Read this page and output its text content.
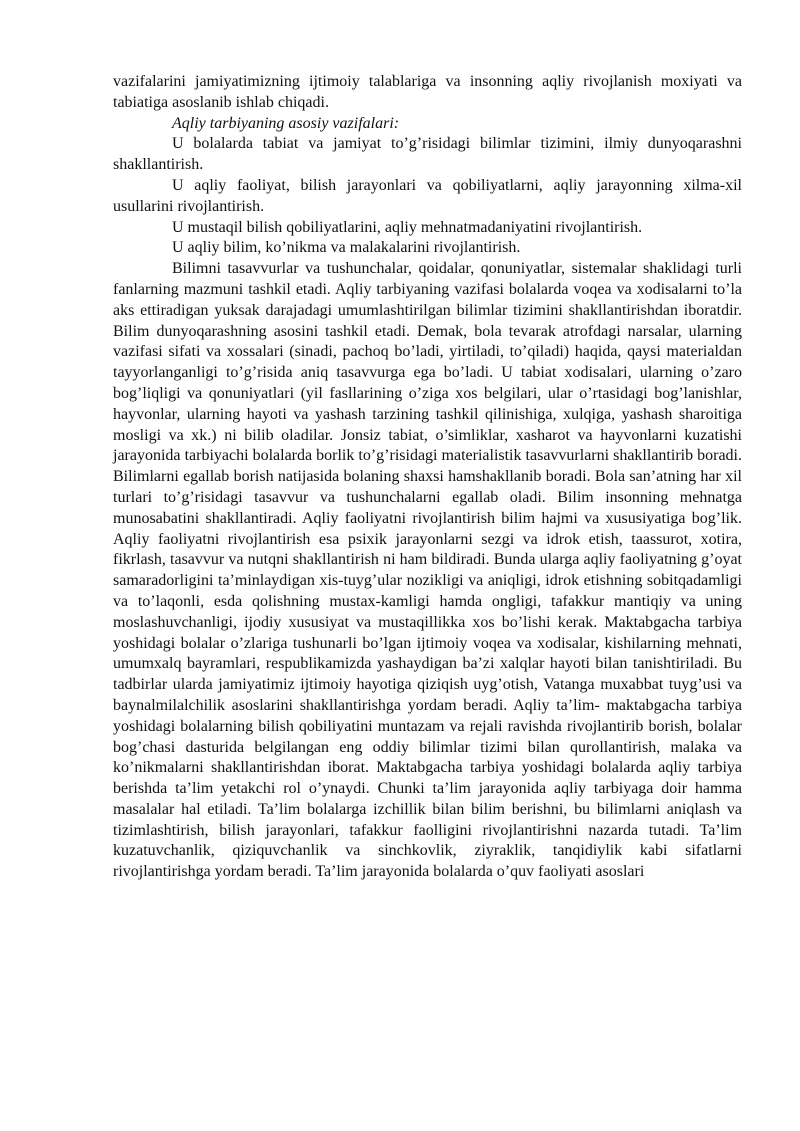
vazifalarini jamiyatimizning ijtimoiy talablariga va insonning aqliy rivojlanish moxiyati va tabiatiga asoslanib ishlab chiqadi.

Aqliy tarbiyaning asosiy vazifalari:

U bolalarda tabiat va jamiyat to’g’risidagi bilimlar tizimini, ilmiy dunyoqarashni shakllantirish.

U aqliy faoliyat, bilish jarayonlari va qobiliyatlarni, aqliy jarayonning xilma-xil usullarini rivojlantirish.

U mustaqil bilish qobiliyatlarini, aqliy mehnatmadaniyatini rivojlantirish.

U aqliy bilim, ko’nikma va malakalarini rivojlantirish.

Bilimni tasavvurlar va tushunchalar, qoidalar, qonuniyatlar, sistemalar shaklidagi turli fanlarning mazmuni tashkil etadi. Aqliy tarbiyaning vazifasi bolalarda voqea va xodisalarni to’la aks ettiradigan yuksak darajadagi umumlashtirilgan bilimlar tizimini shakllantirishdan iboratdir. Bilim dunyoqarashning asosini tashkil etadi. Demak, bola tevarak atrofdagi narsalar, ularning vazifasi sifati va xossalari (sinadi, pachoq bo’ladi, yirtiladi, to’qiladi) haqida, qaysi materialdan tayyorlanganligi to’g’risida aniq tasavvurga ega bo’ladi. U tabiat xodisalari, ularning o’zaro bog’liqligi va qonuniyatlari (yil fasllarining o’ziga xos belgilari, ular o’rtasidagi bog’lanishlar, hayvonlar, ularning hayoti va yashash tarzining tashkil qilinishiga, xulqiga, yashash sharoitiga mosligi va xk.) ni bilib oladilar. Jonsiz tabiat, o’simliklar, xasharot va hayvonlarni kuzatishi jarayonida tarbiyachi bolalarda borlik to’g’risidagi materialistik tasavvurlarni shakllantirib boradi. Bilimlarni egallab borish natijasida bolaning shaxsi hamshakllanib boradi. Bola san’atning har xil turlari to’g’risidagi tasavvur va tushunchalarni egallab oladi. Bilim insonning mehnatga munosabatini shakllantiradi. Aqliy faoliyatni rivojlantirish bilim hajmi va xususiyatiga bog’lik. Aqliy faoliyatni rivojlantirish esa psixik jarayonlarni sezgi va idrok etish, taassurot, xotira, fikrlash, tasavvur va nutqni shakllantirish ni ham bildiradi. Bunda ularga aqliy faoliyatning g’oyat samaradorligini ta’minlaydigan xis-tuyg’ular nozikligi va aniqligi, idrok etishning sobitqadamligi va to’laqonli, esda qolishning mustax-kamligi hamda ongligi, tafakkur mantiqiy va uning moslashuvchanligi, ijodiy xususiyat va mustaqillikka xos bo’lishi kerak. Maktabgacha tarbiya yoshidagi bolalar o’zlariga tushunarli bo’lgan ijtimoiy voqea va xodisalar, kishilarning mehnati, umumxalq bayramlari, respublikamizda yashaydigan ba’zi xalqlar hayoti bilan tanishtiriladi. Bu tadbirlar ularda jamiyatimiz ijtimoiy hayotiga qiziqish uyg’otish, Vatanga muxabbat tuyg’usi va baynalmilalchilik asoslarini shakllantirishga yordam beradi. Aqliy ta’lim- maktabgacha tarbiya yoshidagi bolalarning bilish qobiliyatini muntazam va rejali ravishda rivojlantirib borish, bolalar bog’chasi dasturida belgilangan eng oddiy bilimlar tizimi bilan qurollantirish, malaka va ko’nikmalarni shakllantirishdan iborat. Maktabgacha tarbiya yoshidagi bolalarda aqliy tarbiya berishda ta’lim yetakchi rol o’ynaydi. Chunki ta’lim jarayonida aqliy tarbiyaga doir hamma masalalar hal etiladi. Ta’lim bolalarga izchillik bilan bilim berishni, bu bilimlarni aniqlash va tizimlashtirish, bilish jarayonlari, tafakkur faolligini rivojlantirishni nazarda tutadi. Ta’lim kuzatuvchanlik, qiziquvchanlik va sinchkovlik, ziyraklik, tanqidiylik kabi sifatlarni rivojlantirishga yordam beradi. Ta’lim jarayonida bolalarda o’quv faoliyati asoslari
